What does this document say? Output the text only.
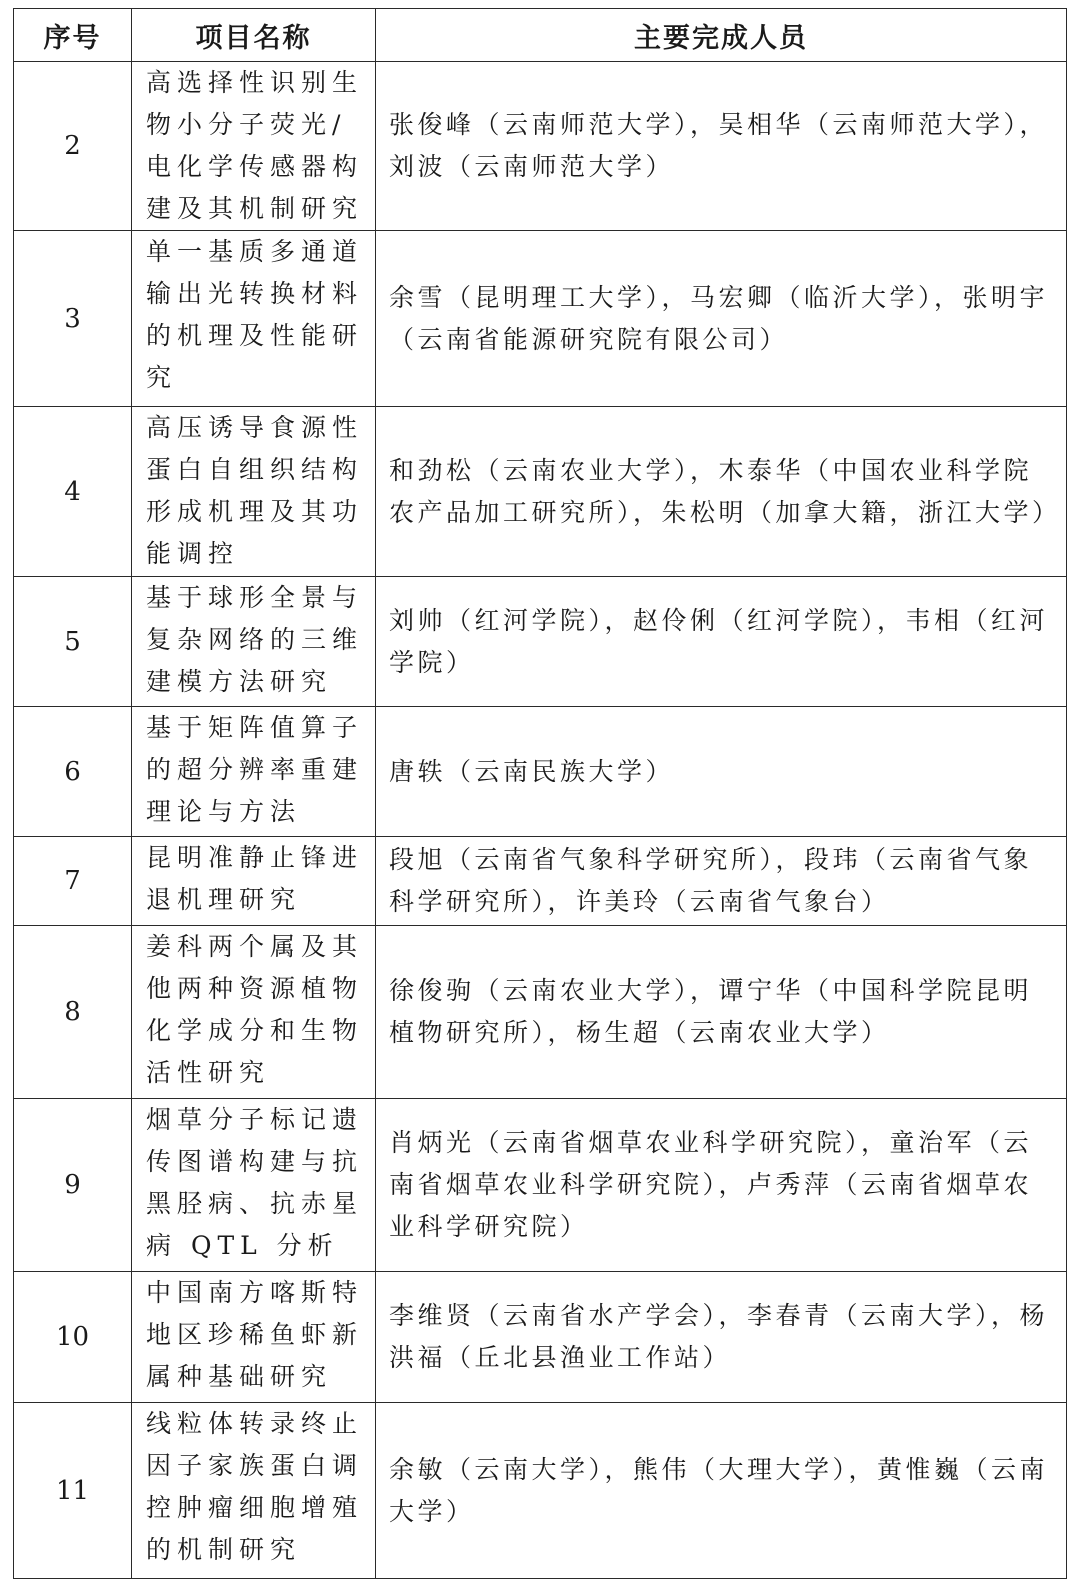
序号	项目名称	主要完成人员
2	高选择性识别生
物小分子荧光/
电化学传感器构
建及其机制研究	张俊峰（云南师范大学），吴相华（云南师范大学），刘波（云南师范大学）
3	单一基质多通道
输出光转换材料
的机理及性能研
究	余雪（昆明理工大学），马宏卿（临沂大学），张明宇（云南省能源研究院有限公司）
4	高压诱导食源性
蛋白自组织结构
形成机理及其功
能调控	和劲松（云南农业大学），木泰华（中国农业科学院农产品加工研究所），朱松明（加拿大籍，浙江大学）
5	基于球形全景与
复杂网络的三维
建模方法研究	刘帅（红河学院），赵伶俐（红河学院），韦相（红河学院）
6	基于矩阵值算子
的超分辨率重建
理论与方法	唐轶（云南民族大学）
7	昆明准静止锋进
退机理研究	段旭（云南省气象科学研究所），段玮（云南省气象科学研究所），许美玲（云南省气象台）
8	姜科两个属及其
他两种资源植物
化学成分和生物
活性研究	徐俊驹（云南农业大学），谭宁华（中国科学院昆明植物研究所），杨生超（云南农业大学）
9	烟草分子标记遗
传图谱构建与抗
黑胫病、抗赤星
病 QTL 分析	肖炳光（云南省烟草农业科学研究院），童治军（云南省烟草农业科学研究院），卢秀萍（云南省烟草农业科学研究院）
10	中国南方喀斯特
地区珍稀鱼虾新
属种基础研究	李维贤（云南省水产学会），李春青（云南大学），杨洪福（丘北县渔业工作站）
11	线粒体转录终止
因子家族蛋白调
控肿瘤细胞增殖
的机制研究	余敏（云南大学），熊伟（大理大学），黄惟巍（云南大学）
